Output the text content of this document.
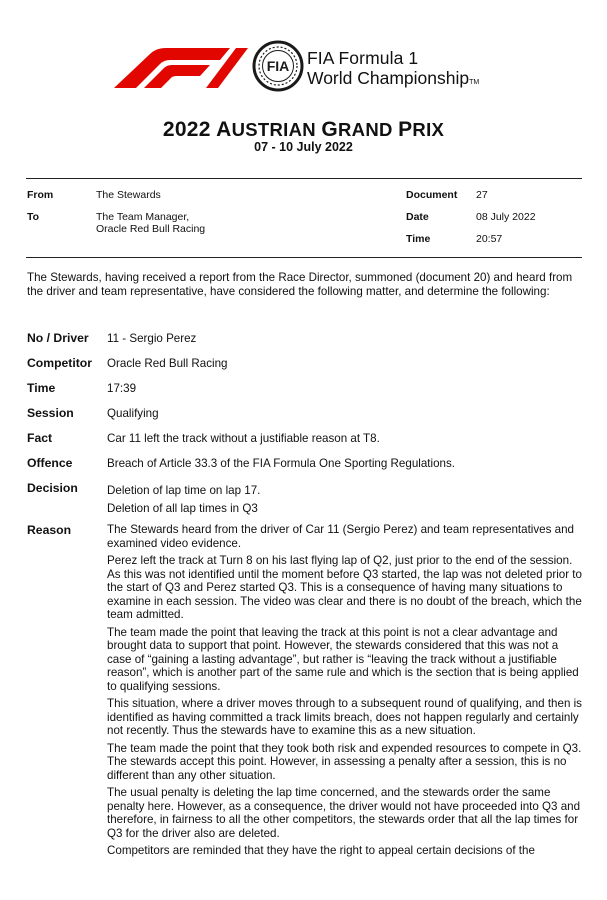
FIA FIA Formula 1
World ChampionshipTM
2022 AUSTRIAN GRAND PRIX
07 - 10 July 2022
From	The Stewards
To	The Team Manager,
Oracle Red Bull Racing
Document 27
Date	08 July 2022
Time	20:57
The Stewards, having received a report from the Race Director, summoned (document 20) and heard from the driver and team representative, have considered the following matter, and determine the following:
No / Driver 11 - Sergio Perez
Competitor Oracle Red Bull Racing
Time	17:39
Session	Qualifying
Fact	Car 11 left the track without a justifiable reason at T8.
Offence	Breach of Article 33.3 of the FIA Formula One Sporting Regulations.
Decision	Deletion of lap time on lap 17.

Deletion of all lap times in Q3

Reason	The Stewards heard from the driver of Car 11 (Sergio Perez) and team representatives and examined video evidence.

Perez left the track at Turn 8 on his last flying lap of Q2, just prior to the end of the session. As this was not identified until the moment before Q3 started, the lap was not deleted prior to the start of Q3 and Perez started Q3. This is a consequence of having many situations to examine in each session. The video was clear and there is no doubt of the breach, which the team admitted.

The team made the point that leaving the track at this point is not a clear advantage and brought data to support that point. However, the stewards considered that this was not a case of “gaining a lasting advantage”, but rather is “leaving the track without a justifiable reason”, which is another part of the same rule and which is the section that is being applied to qualifying sessions.

This situation, where a driver moves through to a subsequent round of qualifying, and then is identified as having committed a track limits breach, does not happen regularly and certainly not recently. Thus the stewards have to examine this as a new situation.

The team made the point that they took both risk and expended resources to compete in Q3. The stewards accept this point. However, in assessing a penalty after a session, this is no different than any other situation.

The usual penalty is deleting the lap time concerned, and the stewards order the same penalty here. However, as a consequence, the driver would not have proceeded into Q3 and therefore, in fairness to all the other competitors, the stewards order that all the lap times for Q3 for the driver also are deleted.

Competitors are reminded that they have the right to appeal certain decisions of the
